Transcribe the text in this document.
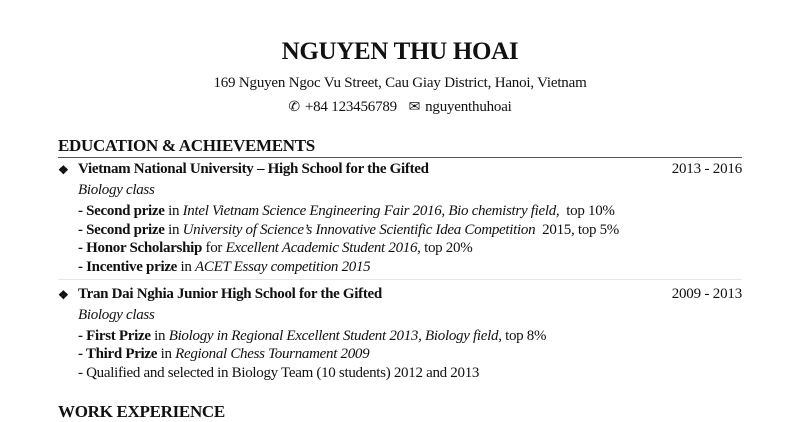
NGUYEN THU HOAI
169 Nguyen Ngoc Vu Street, Cau Giay District, Hanoi, Vietnam
✆ +84 123456789 ✉ nguyenthuhoai
EDUCATION & ACHIEVEMENTS
❖ Vietnam National University – High School for the Gifted	2013 - 2016
Biology class
- Second prize in Intel Vietnam Science Engineering Fair 2016, Bio chemistry field,  top 10%
- Second prize in University of Science’s Innovative Scientific Idea Competition  2015, top 5%
- Honor Scholarship for Excellent Academic Student 2016, top 20%
- Incentive prize in ACET Essay competition 2015
❖ Tran Dai Nghia Junior High School for the Gifted	2009 - 2013
Biology class
- First Prize in Biology in Regional Excellent Student 2013, Biology field, top 8%
- Third Prize in Regional Chess Tournament 2009
- Qualified and selected in Biology Team (10 students) 2012 and 2013
WORK EXPERIENCE
